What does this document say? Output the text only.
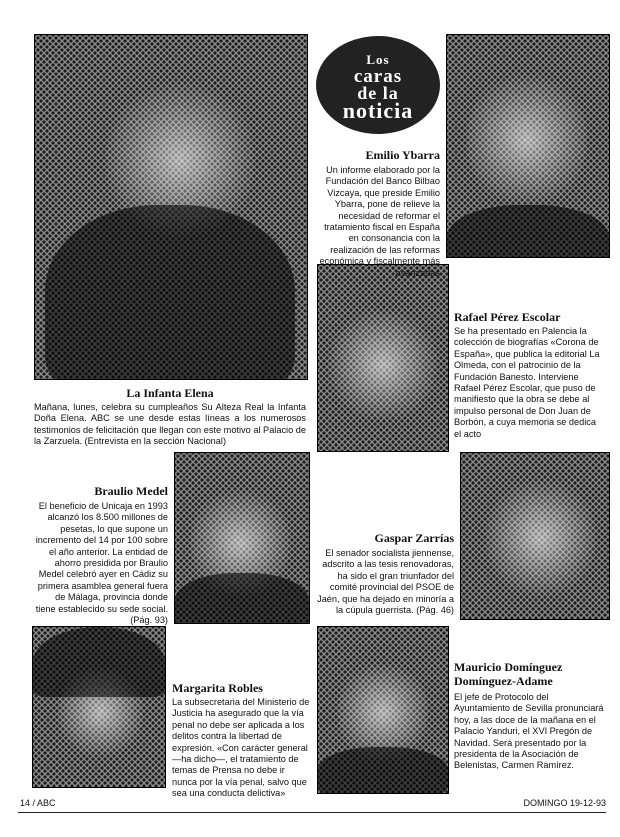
Los
caras
de la
noticia
Emilio Ybarra
Un informe elaborado por la Fundación del Banco Bilbao Vizcaya, que preside Emilio Ybarra, pone de relieve la necesidad de reformar el tratamiento fiscal en España en consonancia con la realización de las reformas económica y fiscalmente más avanzadas
La Infanta Elena
Mañana, lunes, celebra su cumpleaños Su Alteza Real la Infanta Doña Elena. ABC se une desde estas líneas a los numerosos testimonios de felicitación que llegan con este motivo al Palacio de la Zarzuela. (Entrevista en la sección Nacional)
Rafael Pérez Escolar
Se ha presentado en Palencia la colección de biografías «Corona de España», que publica la editorial La Olmeda, con el patrocinio de la Fundación Banesto. Interviene Rafael Pérez Escolar, que puso de manifiesto que la obra se debe al impulso personal de Don Juan de Borbón, a cuya memoria se dedica el acto
Braulio Medel
El beneficio de Unicaja en 1993 alcanzó los 8.500 millones de pesetas, lo que supone un incremento del 14 por 100 sobre el año anterior. La entidad de ahorro presidida por Braulio Medel celebró ayer en Cádiz su primera asamblea general fuera de Málaga, provincia donde tiene establecido su sede social. (Pág. 93)
Gaspar Zarrías
El senador socialista jiennense, adscrito a las tesis renovadoras, ha sido el gran triunfador del comité provincial del PSOE de Jaén, que ha dejado en minoría a la cúpula guerrista. (Pág. 46)
Margarita Robles
La subsecretaria del Ministerio de Justicia ha asegurado que la vía penal no debe ser aplicada a los delitos contra la libertad de expresión. «Con carácter general —ha dicho—, el tratamiento de temas de Prensa no debe ir nunca por la vía penal, salvo que sea una conducta delictiva»
Mauricio Domínguez
Domínguez-Adame
El jefe de Protocolo del Ayuntamiento de Sevilla pronunciará hoy, a las doce de la mañana en el Palacio Yanduri, el XVI Pregón de Navidad. Será presentado por la presidenta de la Asociación de Belenistas, Carmen Ramírez.
14 / ABC	DOMINGO 19-12-93
